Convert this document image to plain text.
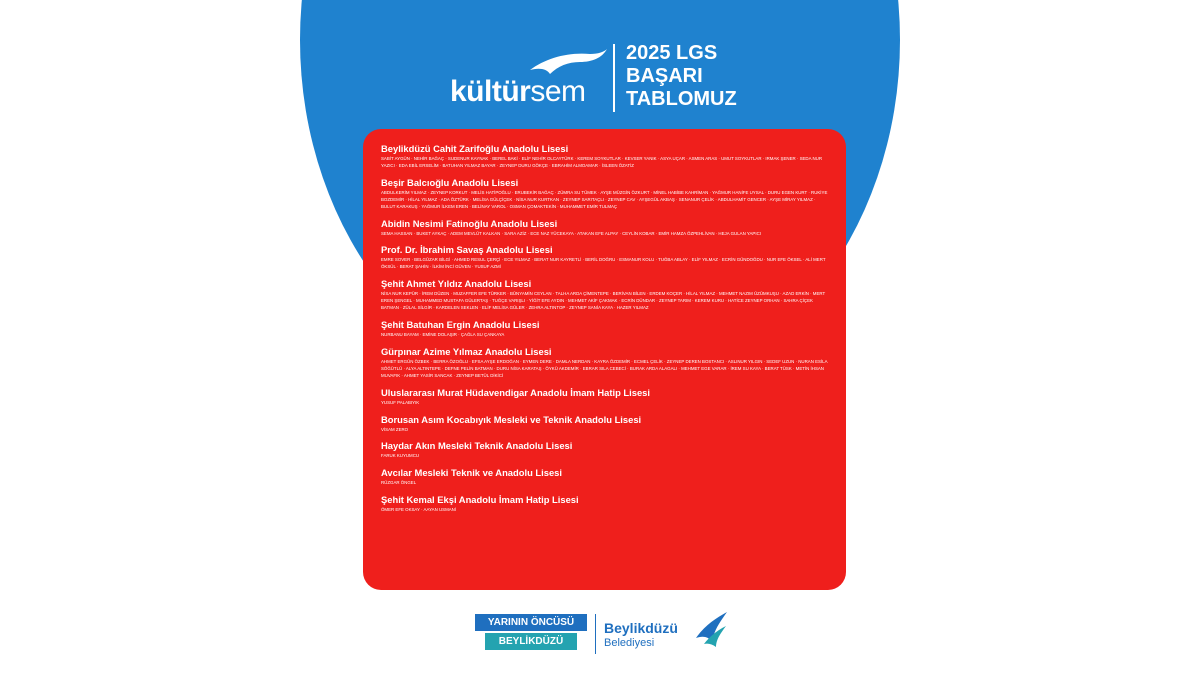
kültürsem
2025 LGS
BAŞARI
TABLOMUZ
Beylikdüzü Cahit Zarifoğlu Anadolu Lisesi
SABİT AYGÜN · NEHİR BAĞAÇ · SUDENUR KAYNAK · BEREL BAKİ · ELİF NEHİR OLCAYTÜRK · KEREM SOYKUTLAR · KEVSER YANIK · ASYA UÇAR · ASMEN ARAS · UMUT SOYKUTLAR · IRMAK ŞENER · SEDA NUR YAZICI · EDA EBİL ERSELİM · BATUHAN YILMAZ BAYAR · ZEYNEP DURU GÖKÇE · EBRAHİM ALMOAMAR · İSLEEN ÖZATİZ
Beşir Balcıoğlu Anadolu Lisesi
ABDULKERİM YILMAZ · ZEYNEP KORKUT · MELİS HATİPOĞLU · ERUBEKİR BAĞAÇ · ZÜMRA SU TÜMEK · AYŞE MÜZGİN ÖZKURT · MİNEL HABİBE KAHRİMAN · YAĞMUR HANİFE UYSAL · DURU EGEN KURT · RUKİYE BOZDEMİR · HİLAL YILMAZ · ADA ÖZTÜRK · MELİSA GÜLÇİÇEK · NİSA NUR KURTKAN · ZEYNEP SARITAÇLI · ZEYNEP CAV · AYŞEGÜL AKBAŞ · SENANUR ÇELİK · ABDULHAMİT GENCER · AYŞE MİRAY YILMAZ · BULUT KARAKUŞ · YAĞMUR İLKEM EREN · BELİNAY VAROL · OSMAN ÇOMAKTEKİN · MUHAMMET EMİR TULMAÇ
Abidin Nesimi Fatinoğlu Anadolu Lisesi
SEMA HASSAN · BUKET AYKAÇ · ADEM MEVLÜT KALKAN · SARA AZİZ · ECE NAZ YÜCEKAYA · ATAKAN EFE ALPAY · CEYLİN KOBAR · EMİR HAMZA ÖZPEHLİVAN · HEJA GULAN YAPICI
Prof. Dr. İbrahim Savaş Anadolu Lisesi
EMRE SOVER · BELGÜZAR BİLGİ · AHMED RESUL ÇERÇİ · ECE YILMAZ · BERAT NUR KAYRETLİ · BERİL DOĞRU · ESMANUR KOLU · TUĞBA ABLAY · ELİF YILMAZ · ECRİN GÜNDOĞDU · NUR EFE ÖKSEL · ALİ MERT ÖKSÜL · BERAT ŞAHİN · İLKİM İNCİ GÜVEN · YUSUF AZMİ
Şehit Ahmet Yıldız Anadolu Lisesi
NİSA NUR KEPÜR · İREM DÜZEN · MUZAFFER EFE TÜRKER · BÜNYAMİN CEYLAN · TALHA ARDA ÇİMENTEPE · BERİVAN BİLEN · ERDEM KOÇER · HİLAL YILMAZ · MEHMET NAZIM ÜZÜMKUŞU · AZAD ERKİN · MERT EREN ŞENGEL · MUHAMMED MUSTAFA GÜLERTAŞ · TUĞÇE VARIŞLI · YİĞİT EFE AYDIN · MEHMET AKİF ÇAKMAK · ECRİN DÜNDAR · ZEYNEP TARIM · KEREM KURU · HATİCE ZEYNEP ORHAN · SAHRA ÇİÇEK BATMAN · ZÜLAL SİLGİR · KARDELEN SEKLEN · ELİF MELİSA GÜLER · ZEHRA ALTINTOP · ZEYNEP SANİA KAYA · HAZER YILMAZ
Şehit Batuhan Ergin Anadolu Lisesi
NURBANU BAYAM · EMİNE DOLAŞIR · ÇAĞLA SU ÇANKAYA
Gürpınar Azime Yılmaz Anadolu Lisesi
AHMET ERGÜN ÖZBEK · BERRA ÖZOĞLU · EFSA AYŞE ERDOĞAN · EYMEN DERE · DAMLA NERDAN · KAYRA ÖZDEMİR · ECMEL ÇELİK · ZEYNEP DEREN BOSTANCI · ASLINUR YILGIN · SEDEF UZUN · NURAN ESİLA SÖĞÜTLÜ · ALYA ALTINTEPE · DEFNE PELİN BATMAN · DURU NİSA KARATAŞ · ÖYKÜ AKDEMİR · EBRAR SILA CEBECİ · BURAK ARDA ALAGALI · MEHMET EGE VARAR · İREM SU KAYA · BERAT TÜSK · METİN İHSAN MUVAFIK · AHMET YASİR SANCAK · ZEYNEP BETÜL DİKİCİ
Uluslararası Murat Hüdavendigar Anadolu İmam Hatip Lisesi
YUSUF PALABIYIK
Borusan Asım Kocabıyık Mesleki ve Teknik Anadolu Lisesi
VİSAM ZERO
Haydar Akın Mesleki Teknik Anadolu Lisesi
FARUK KUYUMCU
Avcılar Mesleki Teknik ve Anadolu Lisesi
RÜZGAR ÖNGEL
Şehit Kemal Ekşi Anadolu İmam Hatip Lisesi
ÖMER EFE OKSAY · AAYAN USMANİ
YARININ ÖNCÜSÜ
BEYLİKDÜZÜ
Beylikdüzü
Belediyesi
